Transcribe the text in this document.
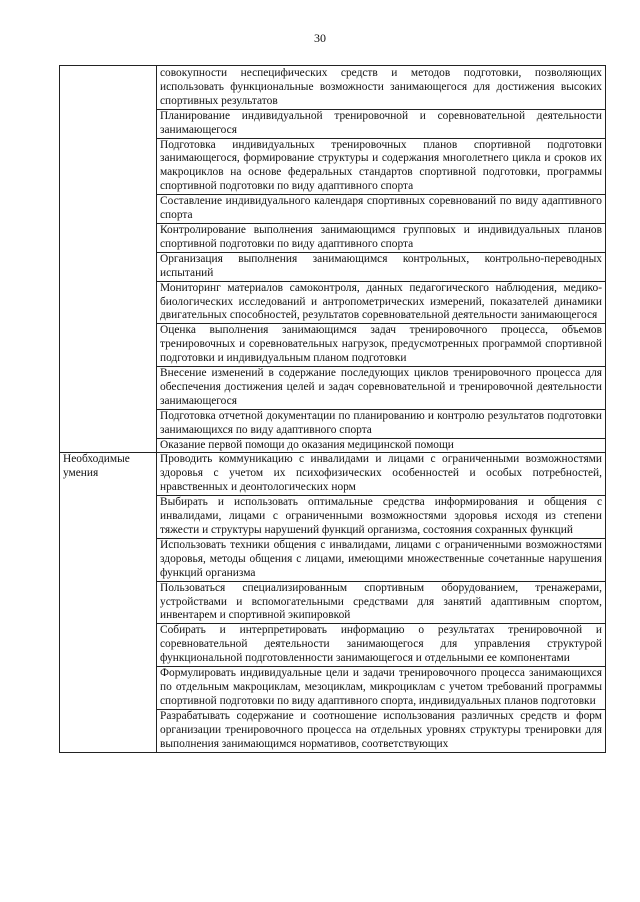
30
	совокупности неспецифических средств и методов подготовки, позволяющих использовать функциональные возможности занимающегося для достижения высоких спортивных результатов
	Планирование индивидуальной тренировочной и соревновательной деятельности занимающегося
	Подготовка индивидуальных тренировочных планов спортивной подготовки занимающегося, формирование структуры и содержания многолетнего цикла и сроков их макроциклов на основе федеральных стандартов спортивной подготовки, программы спортивной подготовки по виду адаптивного спорта
	Составление индивидуального календаря спортивных соревнований по виду адаптивного спорта
	Контролирование выполнения занимающимся групповых и индивидуальных планов спортивной подготовки по виду адаптивного спорта
	Организация выполнения занимающимся контрольных, контрольно-переводных испытаний
	Мониторинг материалов самоконтроля, данных педагогического наблюдения, медико-биологических исследований и антропометрических измерений, показателей динамики двигательных способностей, результатов соревновательной деятельности занимающегося
	Оценка выполнения занимающимся задач тренировочного процесса, объемов тренировочных и соревновательных нагрузок, предусмотренных программой спортивной подготовки и индивидуальным планом подготовки
	Внесение изменений в содержание последующих циклов тренировочного процесса для обеспечения достижения целей и задач соревновательной и тренировочной деятельности занимающегося
	Подготовка отчетной документации по планированию и контролю результатов подготовки занимающихся по виду адаптивного спорта
	Оказание первой помощи до оказания медицинской помощи
Необходимые умения	Проводить коммуникацию с инвалидами и лицами с ограниченными возможностями здоровья с учетом их психофизических особенностей и особых потребностей, нравственных и деонтологических норм
	Выбирать и использовать оптимальные средства информирования и общения с инвалидами, лицами с ограниченными возможностями здоровья исходя из степени тяжести и структуры нарушений функций организма, состояния сохранных функций
	Использовать техники общения с инвалидами, лицами с ограниченными возможностями здоровья, методы общения с лицами, имеющими множественные сочетанные нарушения функций организма
	Пользоваться специализированным спортивным оборудованием, тренажерами, устройствами и вспомогательными средствами для занятий адаптивным спортом, инвентарем и спортивной экипировкой
	Собирать и интерпретировать информацию о результатах тренировочной и соревновательной деятельности занимающегося для управления структурой функциональной подготовленности занимающегося и отдельными ее компонентами
	Формулировать индивидуальные цели и задачи тренировочного процесса занимающихся по отдельным макроциклам, мезоциклам, микроциклам с учетом требований программы спортивной подготовки по виду адаптивного спорта, индивидуальных планов подготовки
	Разрабатывать содержание и соотношение использования различных средств и форм организации тренировочного процесса на отдельных уровнях структуры тренировки для выполнения занимающимся нормативов, соответствующих
